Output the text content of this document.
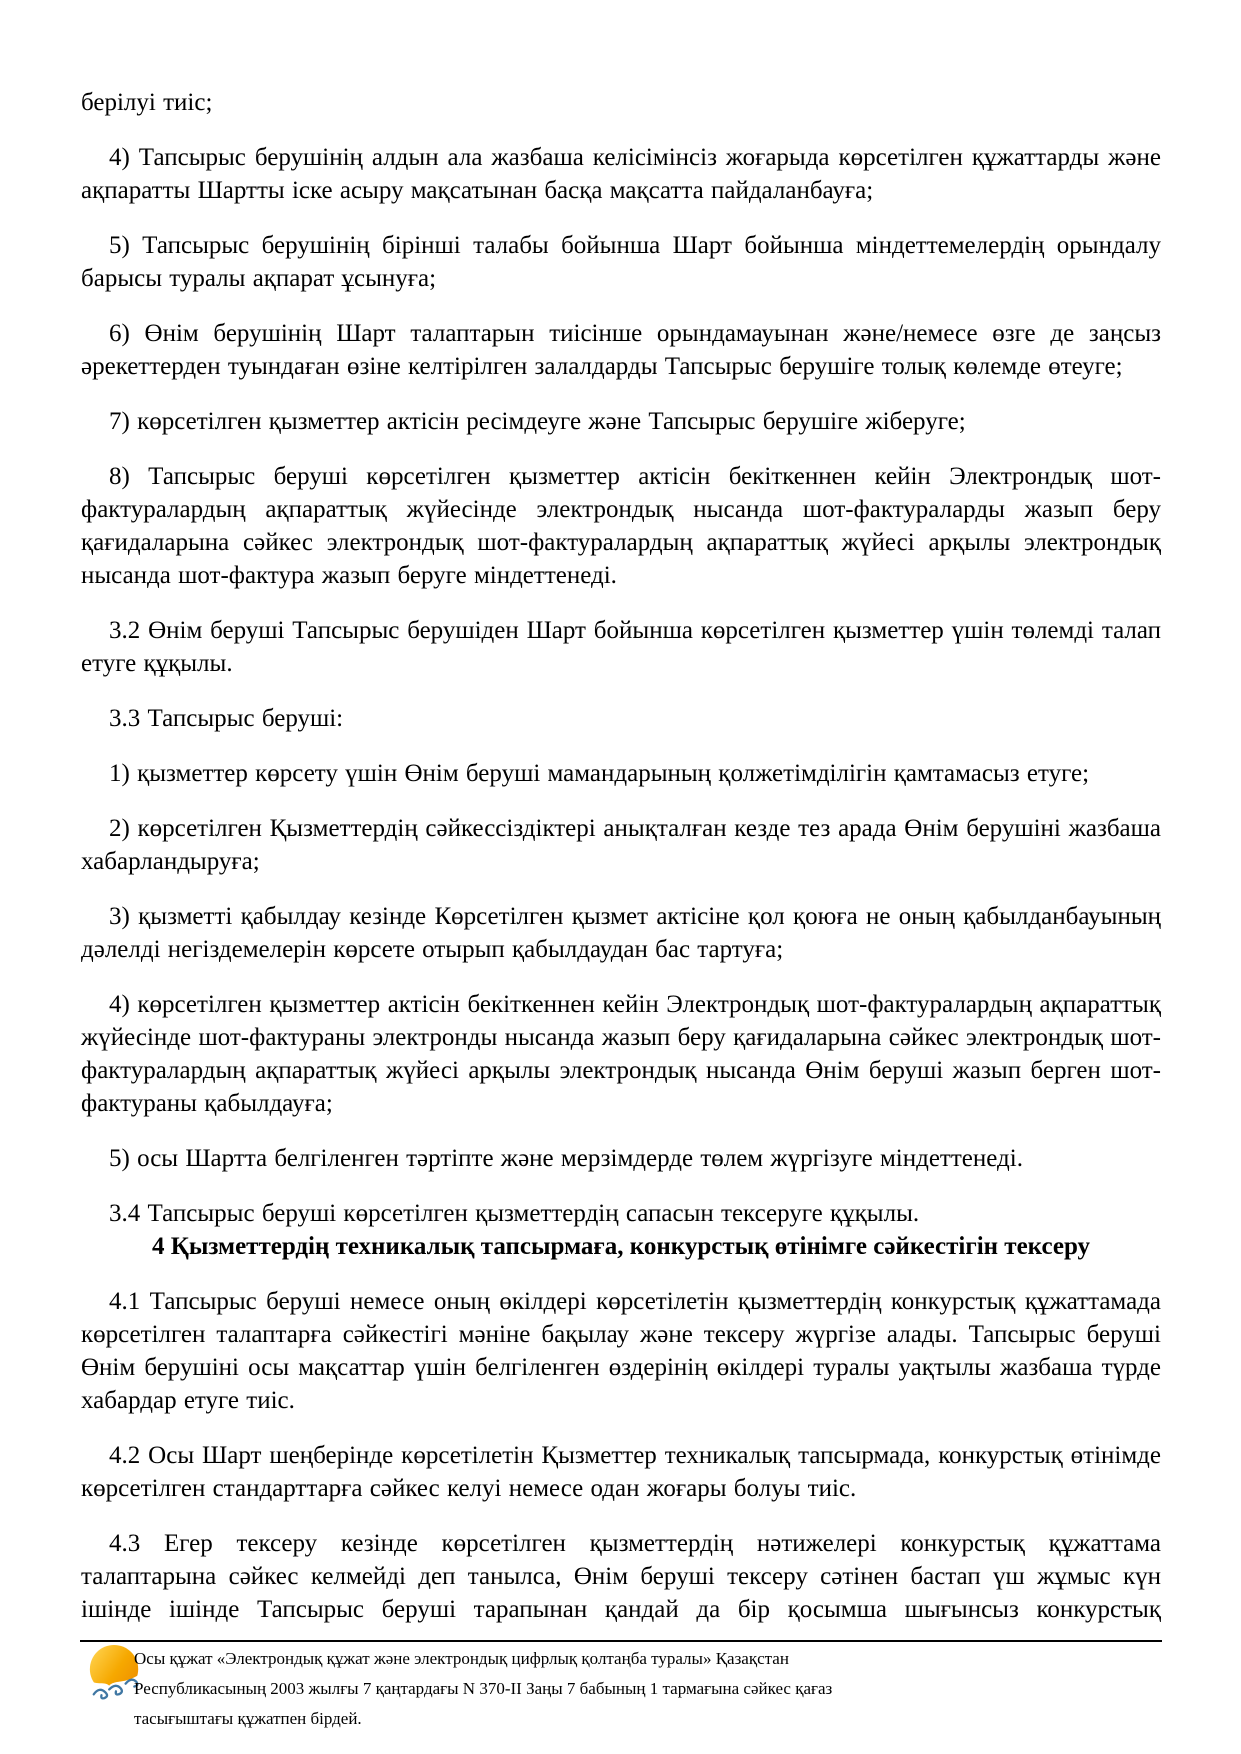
берілуі тиіс;
4) Тапсырыс берушінің алдын ала жазбаша келісімінсіз жоғарыда көрсетілген құжаттарды және ақпаратты Шартты іске асыру мақсатынан басқа мақсатта пайдаланбауға;
5) Тапсырыс берушінің бірінші талабы бойынша Шарт бойынша міндеттемелердің орындалу барысы туралы ақпарат ұсынуға;
6) Өнім берушінің Шарт талаптарын тиісінше орындамауынан және/немесе өзге де заңсыз әрекеттерден туындаған өзіне келтірілген залалдарды Тапсырыс берушіге толық көлемде өтеуге;
7) көрсетілген қызметтер актісін ресімдеуге және Тапсырыс берушіге жіберуге;
8) Тапсырыс беруші көрсетілген қызметтер актісін бекіткеннен кейін Электрондық шот-фактуралардың ақпараттық жүйесінде электрондық нысанда шот-фактураларды жазып беру қағидаларына сәйкес электрондық шот-фактуралардың ақпараттық жүйесі арқылы электрондық нысанда шот-фактура жазып беруге міндеттенеді.
3.2 Өнім беруші Тапсырыс берушіден Шарт бойынша көрсетілген қызметтер үшін төлемді талап етуге құқылы.
3.3 Тапсырыс беруші:
1) қызметтер көрсету үшін Өнім беруші мамандарының қолжетімділігін қамтамасыз етуге;
2) көрсетілген Қызметтердің сәйкессіздіктері анықталған кезде тез арада Өнім берушіні жазбаша хабарландыруға;
3) қызметті қабылдау кезінде Көрсетілген қызмет актісіне қол қоюға не оның қабылданбауының дәлелді негіздемелерін көрсете отырып қабылдаудан бас тартуға;
4) көрсетілген қызметтер актісін бекіткеннен кейін Электрондық шот-фактуралардың ақпараттық жүйесінде шот-фактураны электронды нысанда жазып беру қағидаларына сәйкес электрондық шот-фактуралардың ақпараттық жүйесі арқылы электрондық нысанда Өнім беруші жазып берген шот-фактураны қабылдауға;
5) осы Шартта белгіленген тәртіпте және мерзімдерде төлем жүргізуге міндеттенеді.
3.4 Тапсырыс беруші көрсетілген қызметтердің сапасын тексеруге құқылы.
4 Қызметтердің техникалық тапсырмаға, конкурстық өтінімге сәйкестігін тексеру
4.1 Тапсырыс беруші немесе оның өкілдері көрсетілетін қызметтердің конкурстық құжаттамада көрсетілген талаптарға сәйкестігі мәніне бақылау және тексеру жүргізе алады. Тапсырыс беруші Өнім берушіні осы мақсаттар үшін белгіленген өздерінің өкілдері туралы уақтылы жазбаша түрде хабардар етуге тиіс.
4.2 Осы Шарт шеңберінде көрсетілетін Қызметтер техникалық тапсырмада, конкурстық өтінімде көрсетілген стандарттарға сәйкес келуі немесе одан жоғары болуы тиіс.
4.3 Егер тексеру кезінде көрсетілген қызметтердің нәтижелері конкурстық құжаттама талаптарына сәйкес келмейді деп танылса, Өнім беруші тексеру сәтінен бастап үш жұмыс күн ішінде ішінде Тапсырыс беруші тарапынан қандай да бір қосымша шығынсыз конкурстық
Осы құжат «Электрондық құжат және электрондық цифрлық қолтаңба туралы» Қазақстан
Республикасының 2003 жылғы 7 қаңтардағы N 370-II Заңы 7 бабының 1 тармағына сәйкес қағаз
тасығыштағы құжатпен бірдей.
